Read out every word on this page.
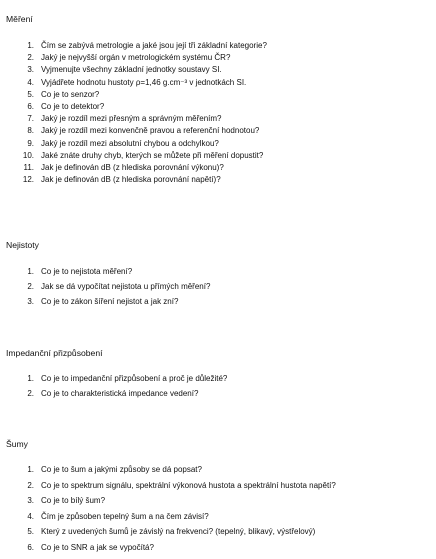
Měření
1. Čím se zabývá metrologie a jaké jsou její tři základní kategorie?
2. Jaký je nejvyšší orgán v metrologickém systému ČR?
3. Vyjmenujte všechny základní jednotky soustavy SI.
4. Vyjádřete hodnotu hustoty ρ=1,46 g.cm⁻³ v jednotkách SI.
5. Co je to senzor?
6. Co je to detektor?
7. Jaký je rozdíl mezi přesným a správným měřením?
8. Jaký je rozdíl mezi konvenčně pravou a referenční hodnotou?
9. Jaký je rozdíl mezi absolutní chybou a odchylkou?
10. Jaké znáte druhy chyb, kterých se můžete při měření dopustit?
11. Jak je definován dB (z hlediska porovnání výkonu)?
12. Jak je definován dB (z hlediska porovnání napětí)?
Nejistoty
1. Co je to nejistota měření?
2. Jak se dá vypočítat nejistota u přímých měření?
3. Co je to zákon šíření nejistot a jak zní?
Impedanční přizpůsobení
1. Co je to impedanční přizpůsobení a proč je důležité?
2. Co je to charakteristická impedance vedení?
Šumy
1. Co je to šum a jakými způsoby se dá popsat?
2. Co je to spektrum signálu, spektrální výkonová hustota a spektrální hustota napětí?
3. Co je to bílý šum?
4. Čím je způsoben tepelný šum a na čem závisí?
5. Který z uvedených šumů je závislý na frekvenci? (tepelný, blikavý, výstřelový)
6. Co je to SNR a jak se vypočítá?
